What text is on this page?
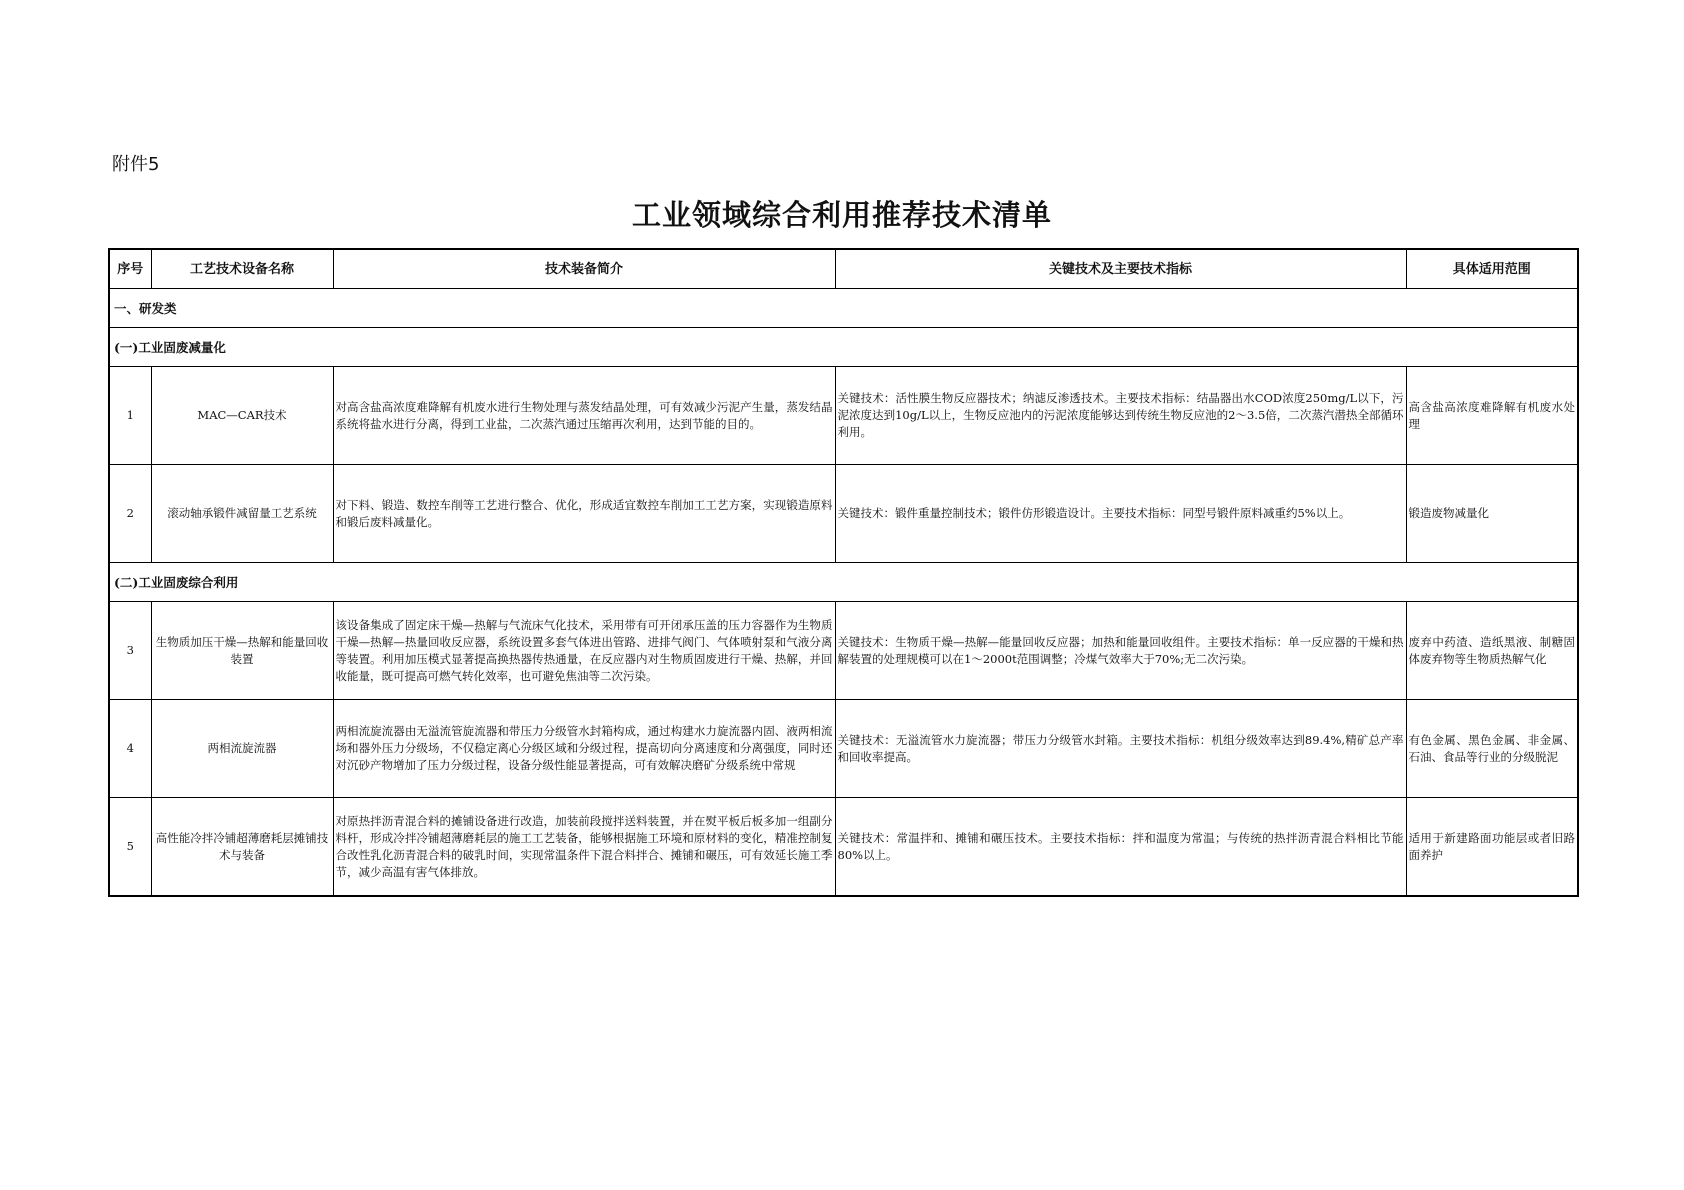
附件5
工业领域综合利用推荐技术清单
序号	工艺技术设备名称	技术装备简介	关键技术及主要技术指标	具体适用范围
一、研发类				
(一)工业固废减量化				
1	MAC—CAR技术	对高含盐高浓度难降解有机废水进行生物处理与蒸发结晶处理，可有效减少污泥产生量，蒸发结晶系统将盐水进行分离，得到工业盐，二次蒸汽通过压缩再次利用，达到节能的目的。	关键技术：活性膜生物反应器技术；纳滤反渗透技术。主要技术指标：结晶器出水COD浓度250mg/L以下，污泥浓度达到10g/L以上，生物反应池内的污泥浓度能够达到传统生物反应池的2～3.5倍，二次蒸汽潜热全部循环利用。	高含盐高浓度难降解有机废水处理
2	滚动轴承锻件减留量工艺系统	对下料、锻造、数控车削等工艺进行整合、优化，形成适宜数控车削加工工艺方案，实现锻造原料和锻后废料减量化。	关键技术：锻件重量控制技术；锻件仿形锻造设计。主要技术指标：同型号锻件原料减重约5%以上。	锻造废物减量化
(二)工业固废综合利用				
3	生物质加压干燥—热解和能量回收装置	该设备集成了固定床干燥—热解与气流床气化技术，采用带有可开闭承压盖的压力容器作为生物质干燥—热解—热量回收反应器，系统设置多套气体进出管路、进排气阀门、气体喷射泵和气液分离等装置。利用加压模式显著提高换热器传热通量，在反应器内对生物质固废进行干燥、热解，并回收能量，既可提高可燃气转化效率，也可避免焦油等二次污染。	关键技术：生物质干燥—热解—能量回收反应器；加热和能量回收组件。主要技术指标：单一反应器的干燥和热解装置的处理规模可以在1～2000t范围调整；冷煤气效率大于70%;无二次污染。	废弃中药渣、造纸黑液、制糖固体废弃物等生物质热解气化
4	两相流旋流器	两相流旋流器由无溢流管旋流器和带压力分级管水封箱构成，通过构建水力旋流器内固、液两相流场和器外压力分级场，不仅稳定离心分级区域和分级过程，提高切向分离速度和分离强度，同时还对沉砂产物增加了压力分级过程，设备分级性能显著提高，可有效解决磨矿分级系统中常规	关键技术：无溢流管水力旋流器；带压力分级管水封箱。主要技术指标：机组分级效率达到89.4%,精矿总产率和回收率提高。	有色金属、黑色金属、非金属、石油、食品等行业的分级脱泥
5	高性能冷拌冷铺超薄磨耗层摊铺技术与装备	对原热拌沥青混合料的摊铺设备进行改造，加装前段搅拌送料装置，并在熨平板后板多加一组副分料杆，形成冷拌冷铺超薄磨耗层的施工工艺装备，能够根据施工环境和原材料的变化，精准控制复合改性乳化沥青混合料的破乳时间，实现常温条件下混合料拌合、摊铺和碾压，可有效延长施工季节，减少高温有害气体排放。	关键技术：常温拌和、摊铺和碾压技术。主要技术指标：拌和温度为常温；与传统的热拌沥青混合料相比节能80%以上。	适用于新建路面功能层或者旧路面养护
